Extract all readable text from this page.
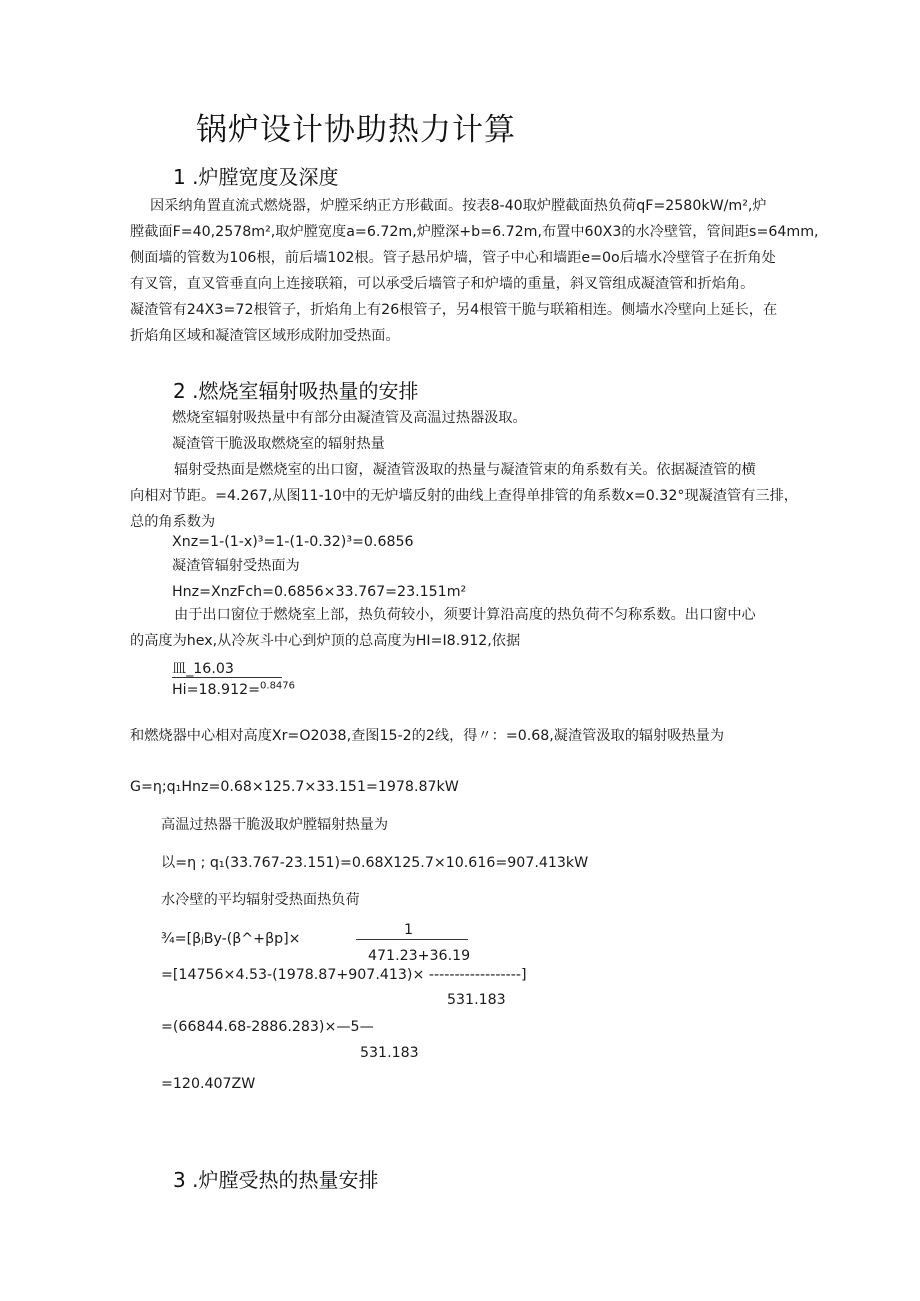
锅炉设计协助热力计算
1 .炉膛宽度及深度
因采纳角置直流式燃烧器，炉膛采纳正方形截面。按表8-40取炉膛截面热负荷qF=2580kW/m²,炉
膛截面F=40,2578m²,取炉膛宽度a=6.72m,炉膛深+b=6.72m,布置中60X3的水冷壁管，管间距s=64mm,
侧面墙的管数为106根，前后墙102根。管子悬吊炉墙，管子中心和墙距e=0o后墙水冷壁管子在折角处
有叉管，直叉管垂直向上连接联箱，可以承受后墙管子和炉墙的重量，斜叉管组成凝渣管和折焰角。
凝渣管有24X3=72根管子，折焰角上有26根管子，另4根管干脆与联箱相连。侧墙水冷壁向上延长，在
折焰角区域和凝渣管区域形成附加受热面。
2 .燃烧室辐射吸热量的安排
燃烧室辐射吸热量中有部分由凝渣管及高温过热器汲取。
凝渣管干脆汲取燃烧室的辐射热量
辐射受热面是燃烧室的出口窗，凝渣管汲取的热量与凝渣管束的角系数有关。依据凝渣管的横
向相对节距。=4.267,从图11-10中的无炉墙反射的曲线上查得单排管的角系数x=0.32°现凝渣管有三排，
总的角系数为
Xnz=1-(1-x)³=1-(1-0.32)³=0.6856
凝渣管辐射受热面为
Hnz=XnzFch=0.6856×33.767=23.151m²
由于出口窗位于燃烧室上部，热负荷较小，须要计算沿高度的热负荷不匀称系数。出口窗中心
的高度为hex,从冷灰斗中心到炉顶的总高度为HI=I8.912,依据
皿_16.03
Hi=18.912=$^{0.8476}$
和燃烧器中心相对高度Xr=O2038,查图15-2的2线，得〃：=0.68,凝渣管汲取的辐射吸热量为
G=η;q₁Hnz=0.68×125.7×33.151=1978.87kW
高温过热器干脆汲取炉膛辐射热量为
以=η ; q₁(33.767-23.151)=0.68X125.7×10.616=907.413kW
水冷壁的平均辐射受热面热负荷
¾=[βⱼBy-(β^+βp]×
1
471.23+36.19
=[14756×4.53-(1978.87+907.413)× ------------------]
531.183
=(66844.68-2886.283)×—5—
531.183
=120.407ZW
3 .炉膛受热的热量安排
